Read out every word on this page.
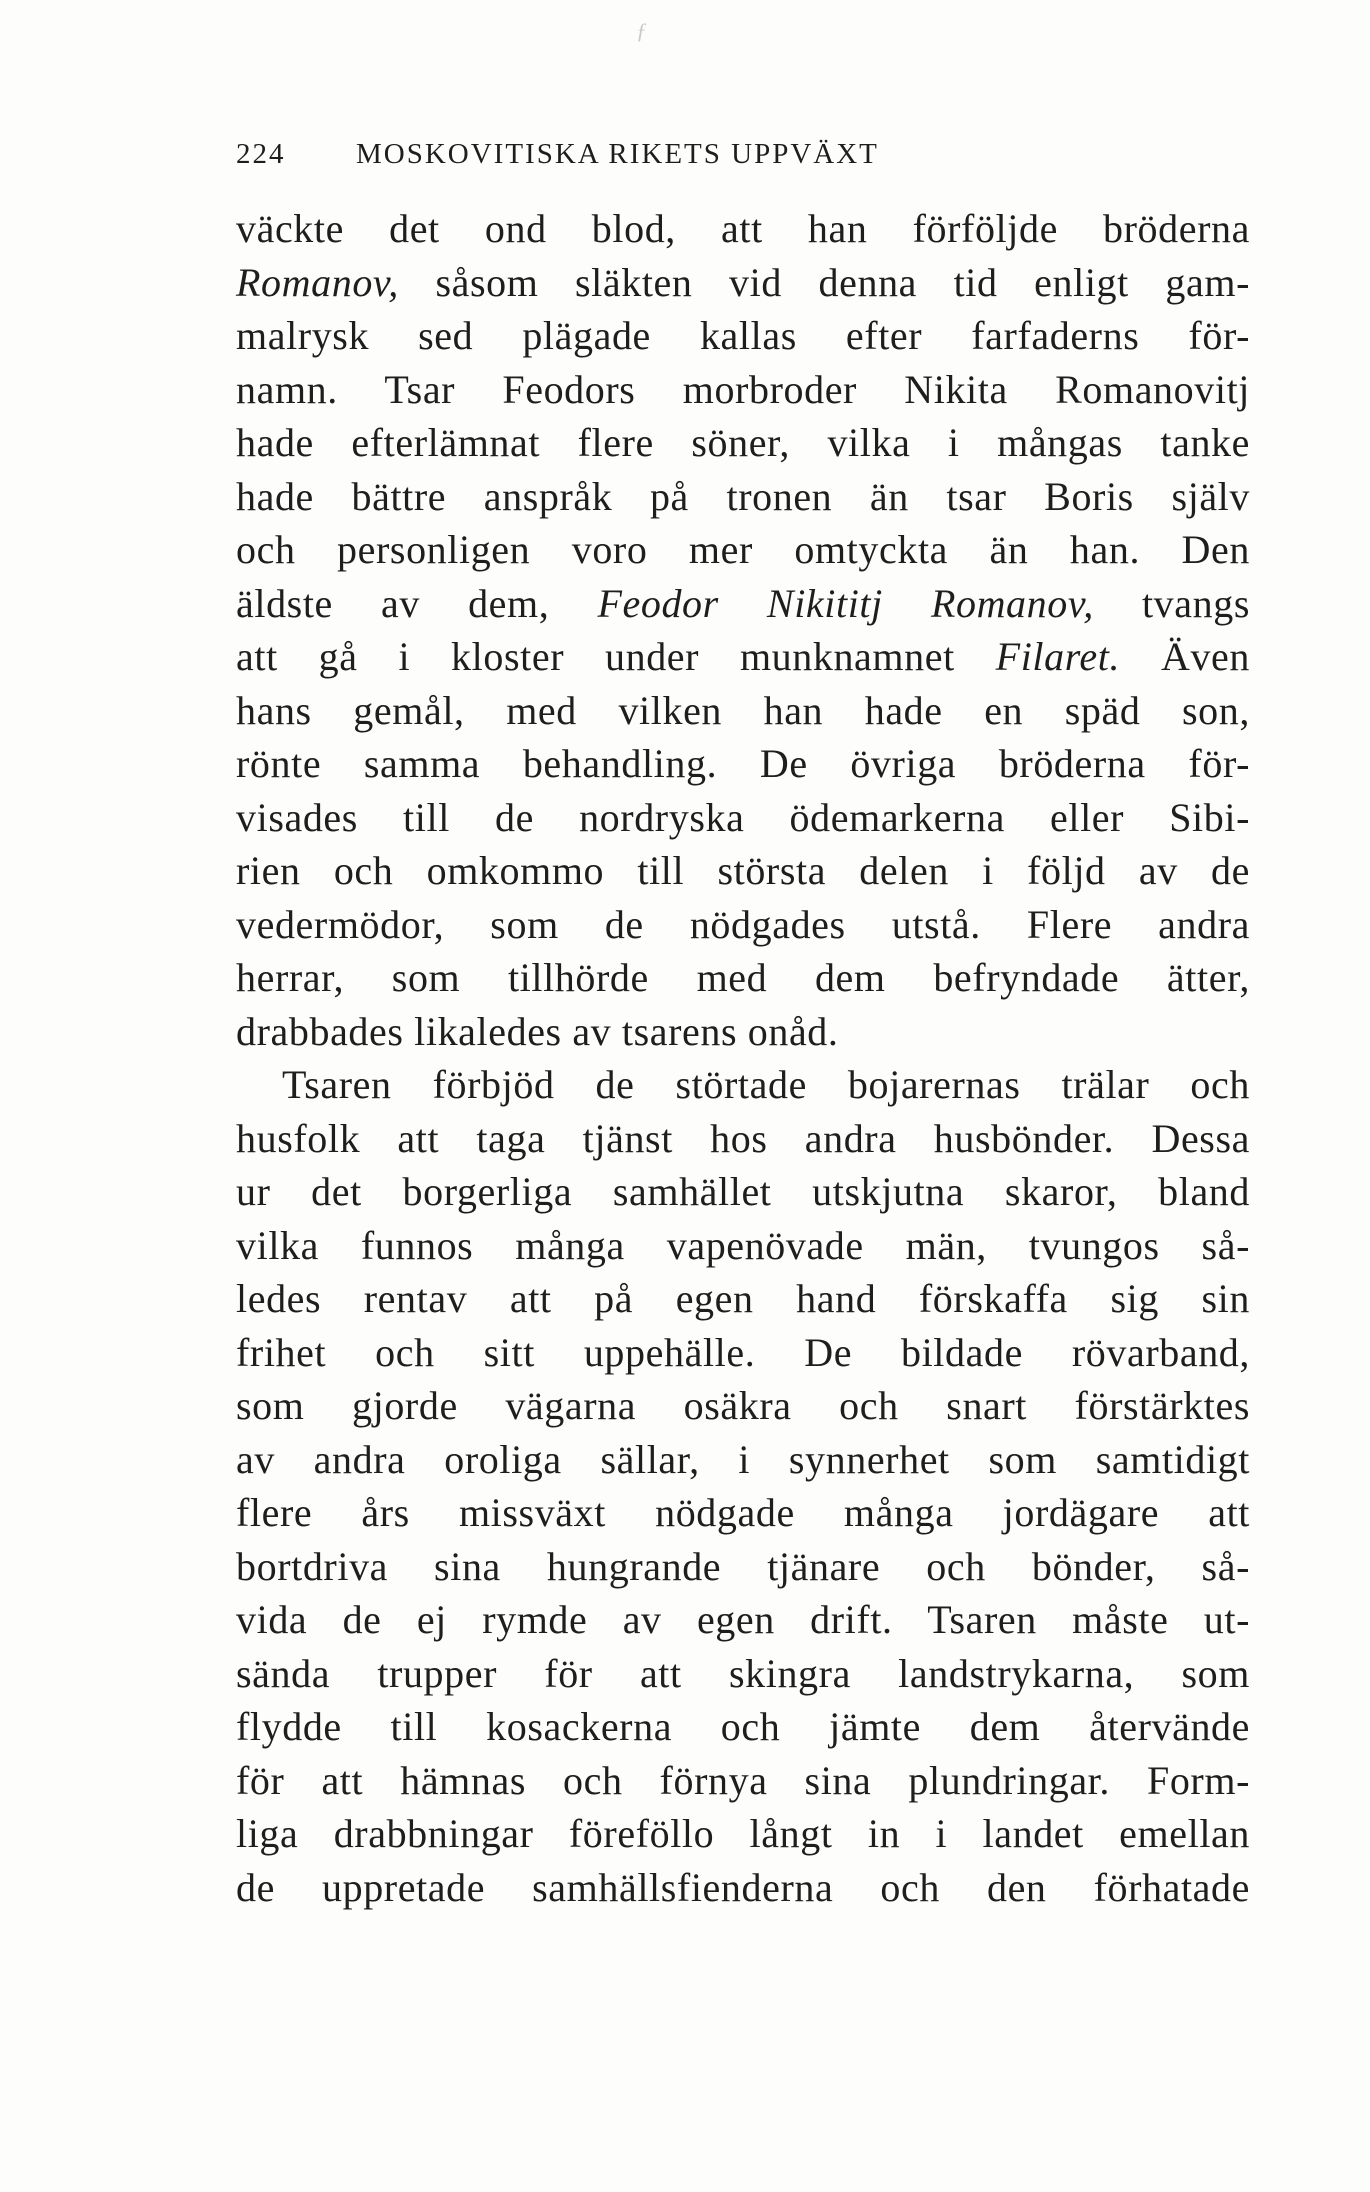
ƒ
224 MOSKOVITISKA RIKETS UPPVÄXT
väckte det ond blod, att han förföljde bröderna
Romanov, såsom släkten vid denna tid enligt gam-
malrysk sed plägade kallas efter farfaderns för-
namn. Tsar Feodors morbroder Nikita Romanovitj
hade efterlämnat flere söner, vilka i mångas tanke
hade bättre anspråk på tronen än tsar Boris själv
och personligen voro mer omtyckta än han. Den
äldste av dem, Feodor Nikititj Romanov, tvangs
att gå i kloster under munknamnet Filaret. Även
hans gemål, med vilken han hade en späd son,
rönte samma behandling. De övriga bröderna för-
visades till de nordryska ödemarkerna eller Sibi-
rien och omkommo till största delen i följd av de
vedermödor, som de nödgades utstå. Flere andra
herrar, som tillhörde med dem befryndade ätter,
drabbades likaledes av tsarens onåd.
Tsaren förbjöd de störtade bojarernas trälar och
husfolk att taga tjänst hos andra husbönder. Dessa
ur det borgerliga samhället utskjutna skaror, bland
vilka funnos många vapenövade män, tvungos så-
ledes rentav att på egen hand förskaffa sig sin
frihet och sitt uppehälle. De bildade rövarband,
som gjorde vägarna osäkra och snart förstärktes
av andra oroliga sällar, i synnerhet som samtidigt
flere års missväxt nödgade många jordägare att
bortdriva sina hungrande tjänare och bönder, så-
vida de ej rymde av egen drift. Tsaren måste ut-
sända trupper för att skingra landstrykarna, som
flydde till kosackerna och jämte dem återvände
för att hämnas och förnya sina plundringar. Form-
liga drabbningar föreföllo långt in i landet emellan
de uppretade samhällsfienderna och den förhatade
